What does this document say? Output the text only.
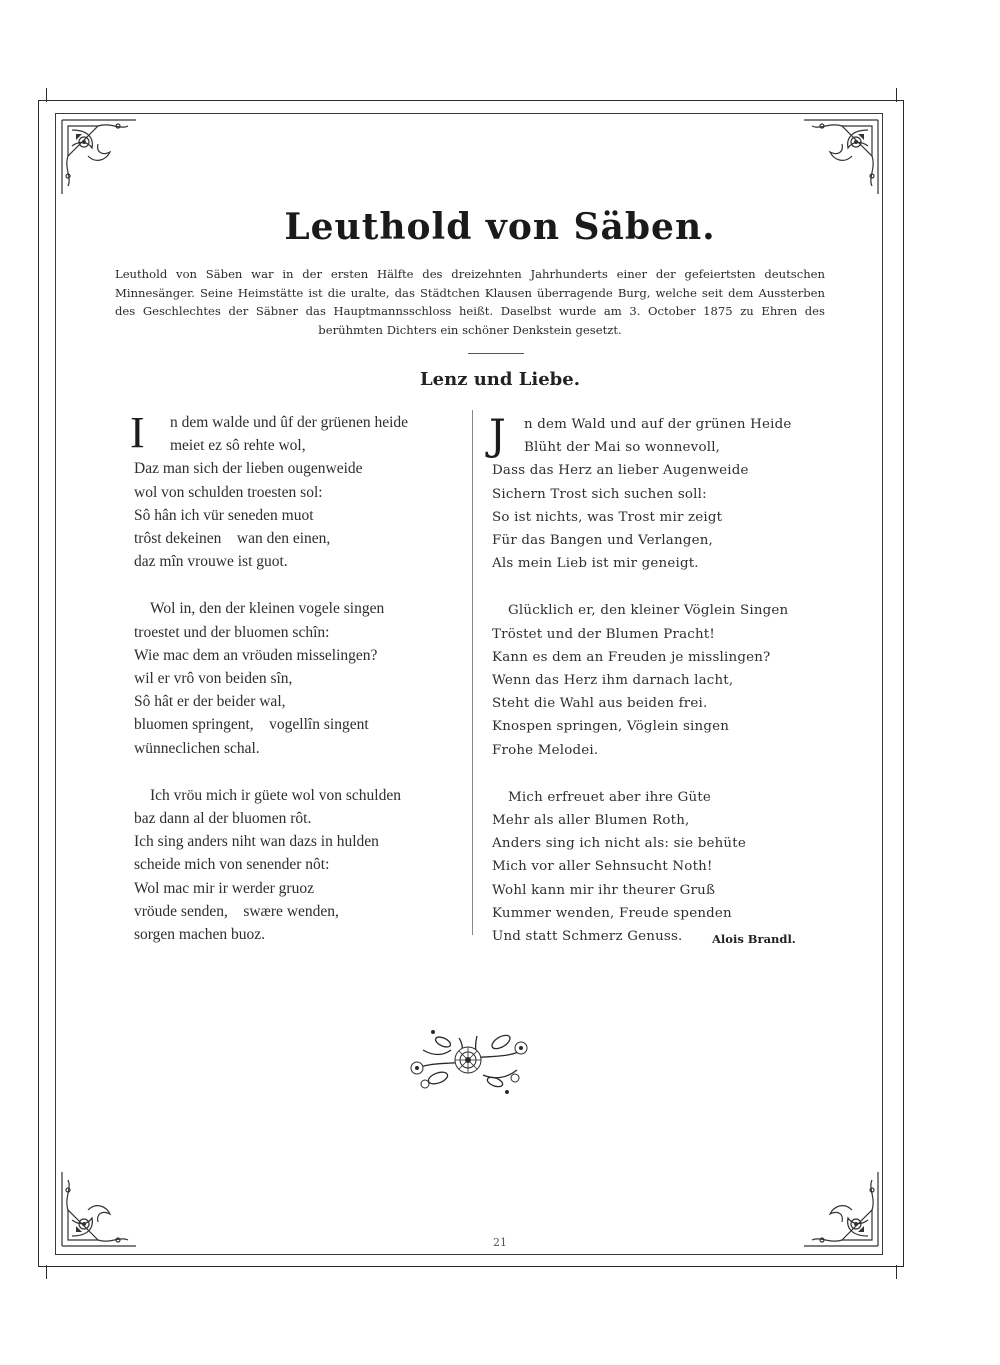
Leuthold von Säben.
Leuthold von Säben war in der ersten Hälfte des dreizehnten Jahrhunderts einer der gefeiertsten deutschen Minnesänger. Seine Heimstätte ist die uralte, das Städtchen Klausen überragende Burg, welche seit dem Aussterben des Geschlechtes der Säbner das Hauptmannsschloss heißt. Daselbst wurde am 3. October 1875 zu Ehren des berühmten Dichters ein schöner Denkstein gesetzt.
Lenz und Liebe.
I n dem walde und ûf der grüenen heide
meiet ez sô rehte wol,
Daz man sich der lieben ougenweide
wol von schulden troesten sol:
Sô hân ich vür seneden muot
trôst dekeinen    wan den einen,
daz mîn vrouwe ist guot.
Wol in, den der kleinen vogele singen
troestet und der bluomen schîn:
Wie mac dem an vröuden misselingen?
wil er vrô von beiden sîn,
Sô hât er der beider wal,
bluomen springent,    vogellîn singent
wünneclichen schal.
Ich vröu mich ir güete wol von schulden
baz dann al der bluomen rôt.
Ich sing anders niht wan dazs in hulden
scheide mich von senender nôt:
Wol mac mir ir werder gruoz
vröude senden,    swære wenden,
sorgen machen buoz.
J n dem Wald und auf der grünen Heide
Blüht der Mai so wonnevoll,
Dass das Herz an lieber Augenweide
Sichern Trost sich suchen soll:
So ist nichts, was Trost mir zeigt
Für das Bangen und Verlangen,
Als mein Lieb ist mir geneigt.
Glücklich er, den kleiner Vöglein Singen
Tröstet und der Blumen Pracht!
Kann es dem an Freuden je misslingen?
Wenn das Herz ihm darnach lacht,
Steht die Wahl aus beiden frei.
Knospen springen, Vöglein singen
Frohe Melodei.
Mich erfreuet aber ihre Güte
Mehr als aller Blumen Roth,
Anders sing ich nicht als: sie behüte
Mich vor aller Sehnsucht Noth!
Wohl kann mir ihr theurer Gruß
Kummer wenden, Freude spenden
Und statt Schmerz Genuss.	Alois Brandl.
21
